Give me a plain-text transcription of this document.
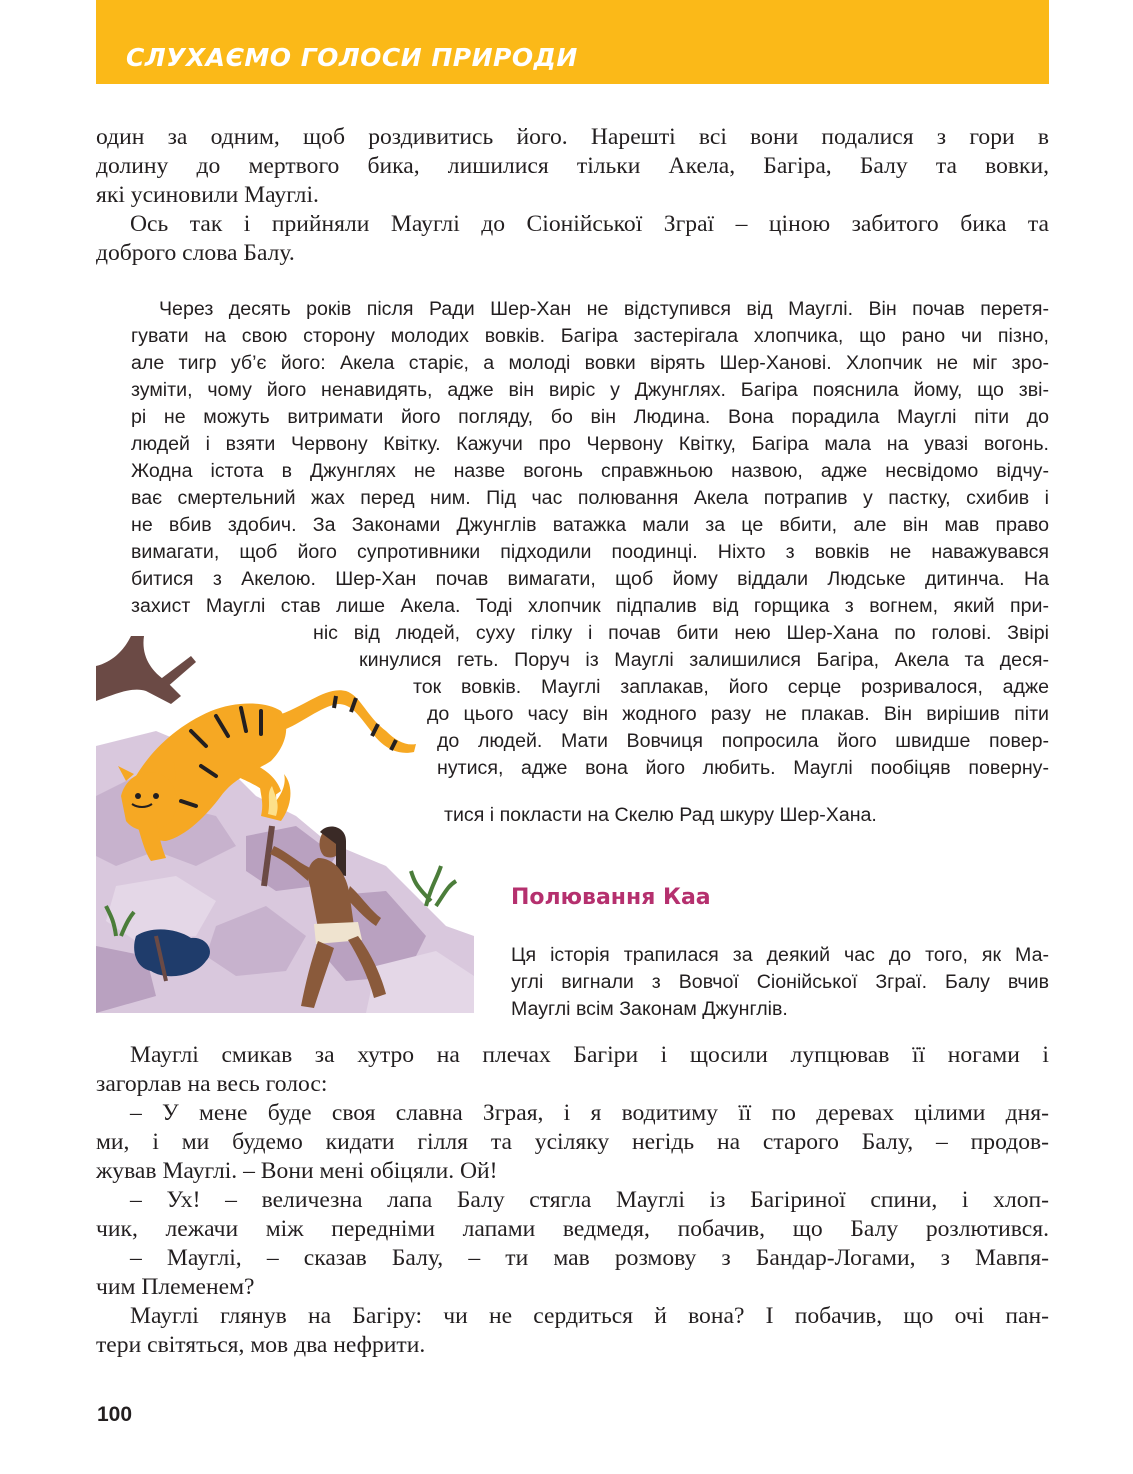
СЛУХАЄМО ГОЛОСИ ПРИРОДИ
один за одним, щоб роздивитись його. Нарешті всі вони подалися з гори в
долину до мертвого бика, лишилися тільки Акела, Багіра, Балу та вовки,
які усиновили Мауглі.
Ось так і прийняли Мауглі до Сіонійської Зграї – ціною забитого бика та
доброго слова Балу.
Через десять років після Ради Шер-Хан не відступився від Мауглі. Він почав перетя-
гувати на свою сторону молодих вовків. Багіра застерігала хлопчика, що рано чи пізно,
але тигр уб’є його: Акела старіє, а молоді вовки вірять Шер-Ханові. Хлопчик не міг зро-
зуміти, чому його ненавидять, адже він виріс у Джунглях. Багіра пояснила йому, що зві-
рі не можуть витримати його погляду, бо він Людина. Вона порадила Мауглі піти до
людей і взяти Червону Квітку. Кажучи про Червону Квітку, Багіра мала на увазі вогонь.
Жодна істота в Джунглях не назве вогонь справжньою назвою, адже несвідомо відчу-
ває смертельний жах перед ним. Під час полювання Акела потрапив у пастку, схибив і
не вбив здобич. За Законами Джунглів ватажка мали за це вбити, але він мав право
вимагати, щоб його супротивники підходили поодинці. Ніхто з вовків не наважувався
битися з Акелою. Шер-Хан почав вимагати, щоб йому віддали Людське дитинча. На
захист Мауглі став лише Акела. Тоді хлопчик підпалив від горщика з вогнем, який при-
ніс від людей, суху гілку і почав бити нею Шер-Хана по голові. Звірі
кинулися геть. Поруч із Мауглі залишилися Багіра, Акела та деся-
ток вовків. Мауглі заплакав, його серце розривалося, адже
до цього часу він жодного разу не плакав. Він вирішив піти
до людей. Мати Вовчиця попросила його швидше повер-
нутися, адже вона його любить. Мауглі пообіцяв поверну-
тися і покласти на Скелю Рад шкуру Шер-Хана.
Полювання Каа
Ця історія трапилася за деякий час до того, як Ма-
углі вигнали з Вовчої Сіонійської Зграї. Балу вчив
Мауглі всім Законам Джунглів.
Мауглі смикав за хутро на плечах Багіри і щосили лупцював її ногами і
загорлав на весь голос:
– У мене буде своя славна Зграя, і я водитиму її по деревах цілими дня-
ми, і ми будемо кидати гілля та усіляку негідь на старого Балу, – продов-
жував Мауглі. – Вони мені обіцяли. Ой!
– Ух! – величезна лапа Балу стягла Мауглі із Багіриної спини, і хлоп-
чик, лежачи між передніми лапами ведмедя, побачив, що Балу розлютився.
– Мауглі, – сказав Балу, – ти мав розмову з Бандар-Логами, з Мавпя-
чим Племенем?
Мауглі глянув на Багіру: чи не сердиться й вона? І побачив, що очі пан-
тери світяться, мов два нефрити.

100
